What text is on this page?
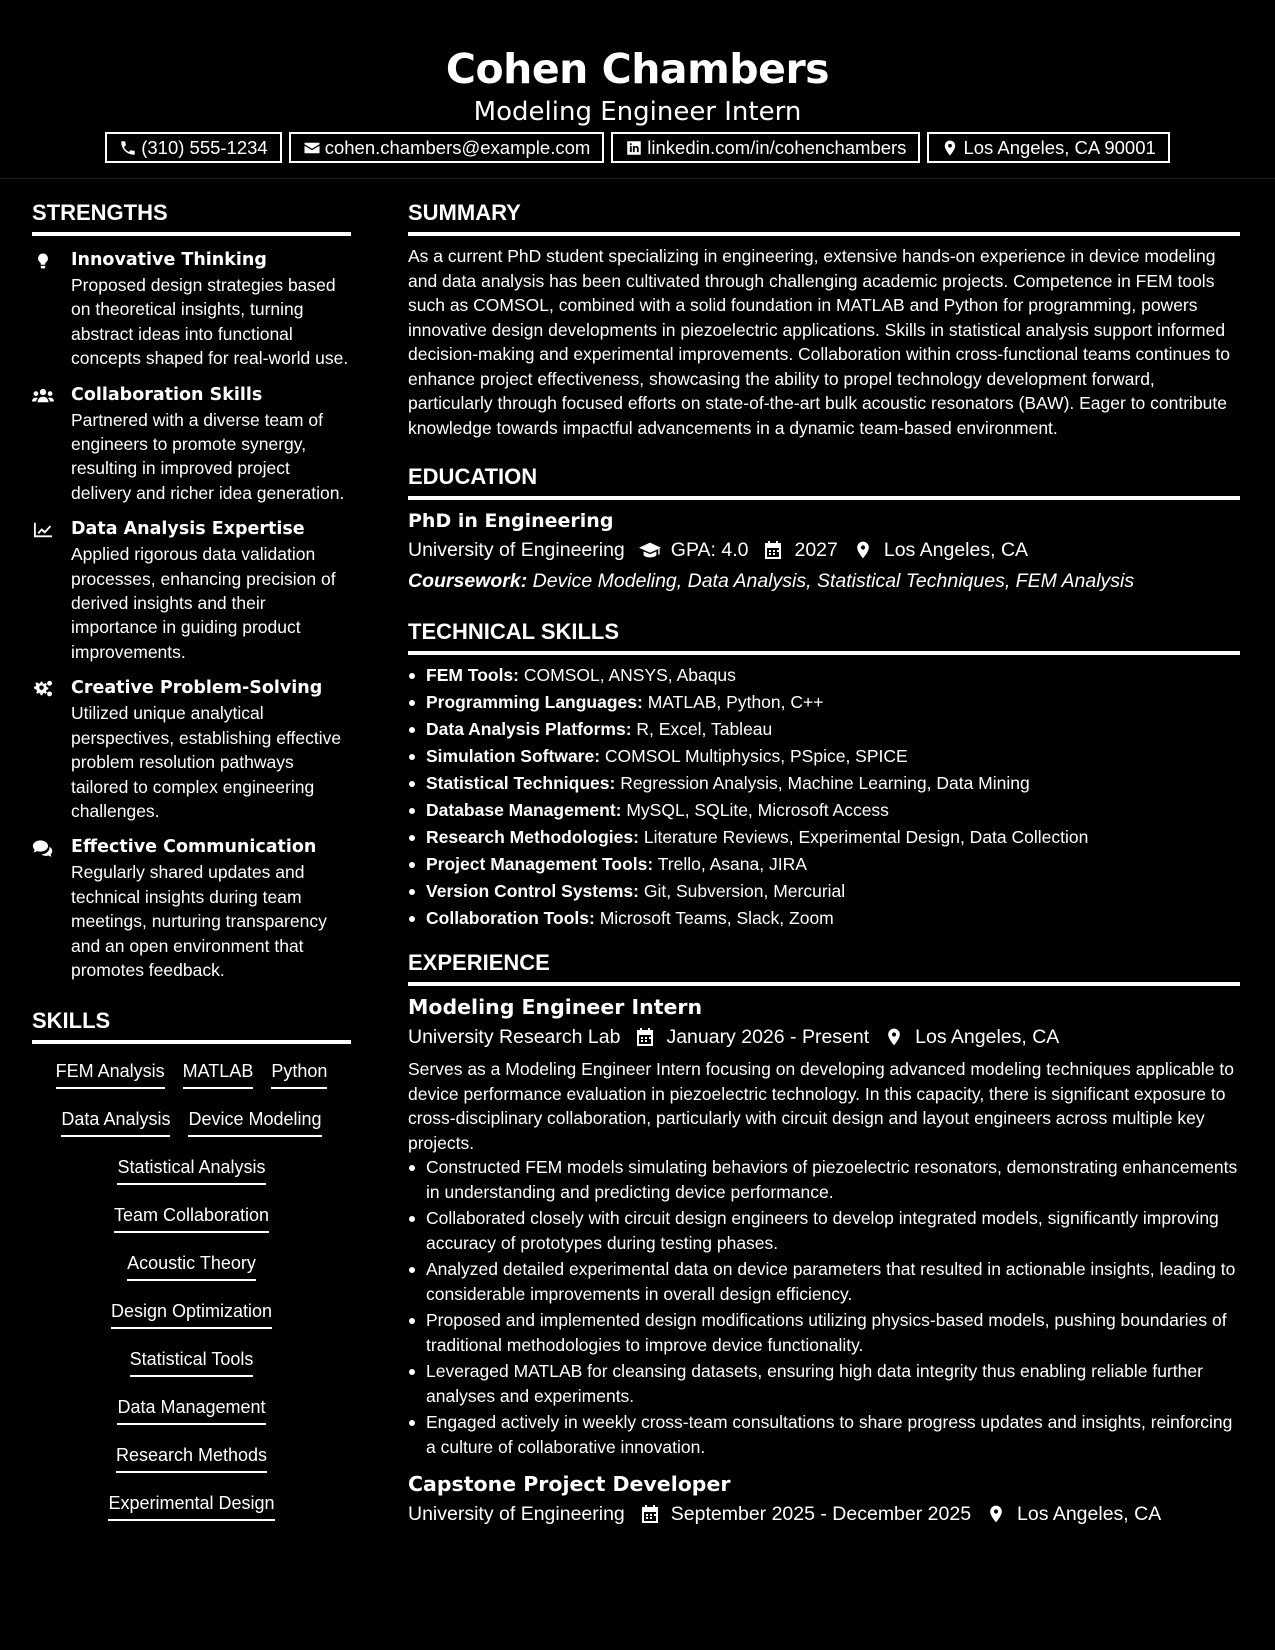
Cohen Chambers
Modeling Engineer Intern
(310) 555-1234	cohen.chambers@example.com	linkedin.com/in/cohenchambers	Los Angeles, CA 90001
STRENGTHS
Innovative Thinking
Proposed design strategies based on theoretical insights, turning abstract ideas into functional concepts shaped for real-world use.
Collaboration Skills
Partnered with a diverse team of engineers to promote synergy, resulting in improved project delivery and richer idea generation.
Data Analysis Expertise
Applied rigorous data validation processes, enhancing precision of derived insights and their importance in guiding product improvements.
Creative Problem-Solving
Utilized unique analytical perspectives, establishing effective problem resolution pathways tailored to complex engineering challenges.
Effective Communication
Regularly shared updates and technical insights during team meetings, nurturing transparency and an open environment that promotes feedback.
SKILLS
FEM Analysis MATLAB Python
Data Analysis Device Modeling
Statistical Analysis
Team Collaboration
Acoustic Theory
Design Optimization
Statistical Tools
Data Management
Research Methods
Experimental Design
SUMMARY

As a current PhD student specializing in engineering, extensive hands-on experience in device modeling and data analysis has been cultivated through challenging academic projects. Competence in FEM tools such as COMSOL, combined with a solid foundation in MATLAB and Python for programming, powers innovative design developments in piezoelectric applications. Skills in statistical analysis support informed decision-making and experimental improvements. Collaboration within cross-functional teams continues to enhance project effectiveness, showcasing the ability to propel technology development forward, particularly through focused efforts on state-of-the-art bulk acoustic resonators (BAW). Eager to contribute knowledge towards impactful advancements in a dynamic team-based environment.

EDUCATION
PhD in Engineering
University of Engineering GPA: 4.0 2027 Los Angeles, CA
Coursework: Device Modeling, Data Analysis, Statistical Techniques, FEM Analysis
TECHNICAL SKILLS
FEM Tools: COMSOL, ANSYS, Abaqus
Programming Languages: MATLAB, Python, C++
Data Analysis Platforms: R, Excel, Tableau
Simulation Software: COMSOL Multiphysics, PSpice, SPICE
Statistical Techniques: Regression Analysis, Machine Learning, Data Mining
Database Management: MySQL, SQLite, Microsoft Access
Research Methodologies: Literature Reviews, Experimental Design, Data Collection
Project Management Tools: Trello, Asana, JIRA
Version Control Systems: Git, Subversion, Mercurial
Collaboration Tools: Microsoft Teams, Slack, Zoom
EXPERIENCE
Modeling Engineer Intern
University Research Lab January 2026 - Present Los Angeles, CA

Serves as a Modeling Engineer Intern focusing on developing advanced modeling techniques applicable to device performance evaluation in piezoelectric technology. In this capacity, there is significant exposure to cross-disciplinary collaboration, particularly with circuit design and layout engineers across multiple key projects.

Constructed FEM models simulating behaviors of piezoelectric resonators, demonstrating enhancements in understanding and predicting device performance.
Collaborated closely with circuit design engineers to develop integrated models, significantly improving accuracy of prototypes during testing phases.
Analyzed detailed experimental data on device parameters that resulted in actionable insights, leading to considerable improvements in overall design efficiency.
Proposed and implemented design modifications utilizing physics-based models, pushing boundaries of traditional methodologies to improve device functionality.
Leveraged MATLAB for cleansing datasets, ensuring high data integrity thus enabling reliable further analyses and experiments.
Engaged actively in weekly cross-team consultations to share progress updates and insights, reinforcing a culture of collaborative innovation.
Capstone Project Developer
University of Engineering September 2025 - December 2025 Los Angeles, CA
